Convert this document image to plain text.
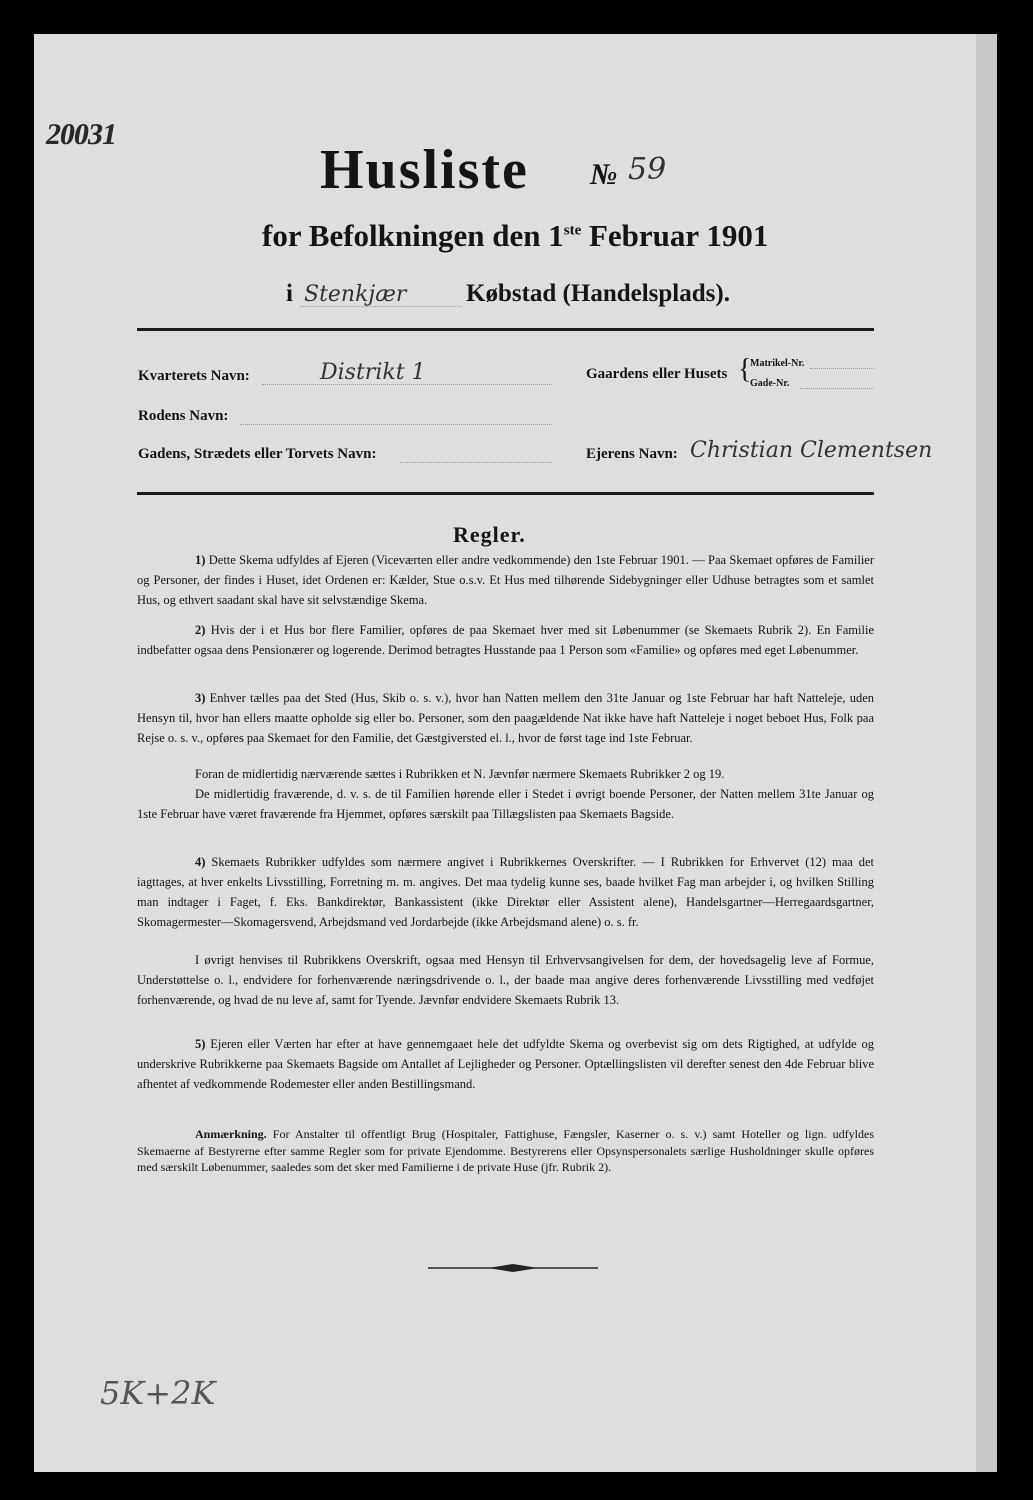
20031
Husliste № 59
for Befolkningen den 1ste Februar 1901
i Stenkjær Købstad (Handelsplads).
Kvarterets Navn:	Distrikt 1	Gaardens eller Husets {
Matrikel-Nr.
Gade-Nr.
Rodens Navn:
Gadens, Strædets eller Torvets Navn:	Ejerens Navn: Christian Clementsen
Regler.
1) Dette Skema udfyldes af Ejeren (Viceværten eller andre vedkommende) den 1ste Februar 1901. — Paa Skemaet opføres de Familier og Personer, der findes i Huset, idet Ordenen er: Kælder, Stue o.s.v. Et Hus med tilhørende Sidebygninger eller Udhuse betragtes som et samlet Hus, og ethvert saadant skal have sit selvstændige Skema.
2) Hvis der i et Hus bor flere Familier, opføres de paa Skemaet hver med sit Løbenummer (se Skemaets Rubrik 2). En Familie indbefatter ogsaa dens Pensionærer og logerende. Derimod betragtes Husstande paa 1 Person som «Familie» og opføres med eget Løbenummer.
3) Enhver tælles paa det Sted (Hus, Skib o. s. v.), hvor han Natten mellem den 31te Januar og 1ste Februar har haft Natteleje, uden Hensyn til, hvor han ellers maatte opholde sig eller bo. Personer, som den paagældende Nat ikke have haft Natteleje i noget beboet Hus, Folk paa Rejse o. s. v., opføres paa Skemaet for den Familie, det Gæstgiversted el. l., hvor de først tage ind 1ste Februar.
Foran de midlertidig nærværende sættes i Rubrikken et N. Jævnfør nærmere Skemaets Rubrikker 2 og 19.
De midlertidig fraværende, d. v. s. de til Familien hørende eller i Stedet i øvrigt boende Personer, der Natten mellem 31te Januar og 1ste Februar have været fraværende fra Hjemmet, opføres særskilt paa Tillægslisten paa Skemaets Bagside.
4) Skemaets Rubrikker udfyldes som nærmere angivet i Rubrikkernes Overskrifter. — I Rubrikken for Erhvervet (12) maa det iagttages, at hver enkelts Livsstilling, Forretning m. m. angives. Det maa tydelig kunne ses, baade hvilket Fag man arbejder i, og hvilken Stilling man indtager i Faget, f. Eks. Bankdirektør, Bankassistent (ikke Direktør eller Assistent alene), Handelsgartner—Herregaardsgartner, Skomagermester—Skomagersvend, Arbejdsmand ved Jordarbejde (ikke Arbejdsmand alene) o. s. fr.
I øvrigt henvises til Rubrikkens Overskrift, ogsaa med Hensyn til Erhvervsangivelsen for dem, der hovedsagelig leve af Formue, Understøttelse o. l., endvidere for forhenværende næringsdrivende o. l., der baade maa angive deres forhenværende Livsstilling med vedføjet forhenværende, og hvad de nu leve af, samt for Tyende. Jævnfør endvidere Skemaets Rubrik 13.
5) Ejeren eller Værten har efter at have gennemgaaet hele det udfyldte Skema og overbevist sig om dets Rigtighed, at udfylde og underskrive Rubrikkerne paa Skemaets Bagside om Antallet af Lejligheder og Personer. Optællingslisten vil derefter senest den 4de Februar blive afhentet af vedkommende Rodemester eller anden Bestillingsmand.
Anmærkning. For Anstalter til offentligt Brug (Hospitaler, Fattighuse, Fængsler, Kaserner o. s. v.) samt Hoteller og lign. udfyldes Skemaerne af Bestyrerne efter samme Regler som for private Ejendomme. Bestyrerens eller Opsynspersonalets særlige Husholdninger skulle opføres med særskilt Løbenummer, saaledes som det sker med Familierne i de private Huse (jfr. Rubrik 2).
5K+2K
